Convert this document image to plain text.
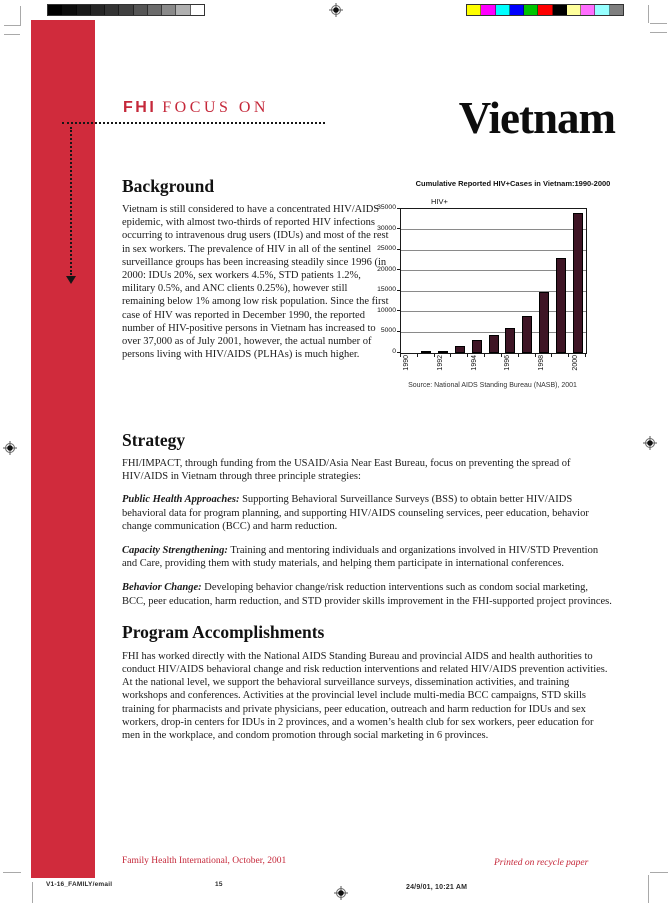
FHI FOCUS ON	Vietnam
Background

Vietnam is still considered to have a concentrated HIV/AIDS epidemic, with almost two-thirds of reported HIV infections occurring to intravenous drug users (IDUs) and most of the rest in sex workers. The prevalence of HIV in all of the sentinel surveillance groups has been increasing steadily since 1996 (in 2000: IDUs 20%, sex workers 4.5%, STD patients 1.2%, military 0.5%, and ANC clients 0.25%), however still remaining below 1% among low risk population. Since the first case of HIV was reported in December 1990, the reported number of HIV-positive persons in Vietnam has increased to over 37,000 as of July 2001, however, the actual number of persons living with HIV/AIDS (PLHAs) is much higher.

Cumulative Reported HIV+Cases in Vietnam:1990-2000
HIV+
Source: National AIDS Standing Bureau (NASB), 2001
0
5000
10000
15000
20000
25000
30000
35000
1990	1992	1994	1996	1998	2000
Strategy

FHI/IMPACT, through funding from the USAID/Asia Near East Bureau, focus on preventing the spread of HIV/AIDS in Vietnam through three principle strategies:

Public Health Approaches: Supporting Behavioral Surveillance Surveys (BSS) to obtain better HIV/AIDS behavioral data for program planning, and supporting HIV/AIDS counseling services, peer education, behavior change communication (BCC) and harm reduction.

Capacity Strengthening: Training and mentoring individuals and organizations involved in HIV/STD Prevention and Care, providing them with study materials, and helping them participate in international conferences.

Behavior Change: Developing behavior change/risk reduction interventions such as condom social marketing, BCC, peer education, harm reduction, and STD provider skills improvement in the FHI-supported project provinces.

Program Accomplishments

FHI has worked directly with the National AIDS Standing Bureau and provincial AIDS and health authorities to conduct HIV/AIDS behavioral change and risk reduction interventions and related HIV/AIDS prevention activities. At the national level, we support the behavioral surveillance surveys, dissemination activities, and training workshops and conferences. Activities at the provincial level include multi-media BCC campaigns, STD skills training for pharmacists and private physicians, peer education, outreach and harm reduction for IDUs and sex workers, drop-in centers for IDUs in 2 provinces, and a women’s health club for sex workers, peer education for men in the workplace, and condom promotion through social marketing in 6 provinces.

Family Health International, October, 2001	Printed on recycle paper
V1-16_FAMILY/email	15	24/9/01, 10:21 AM
